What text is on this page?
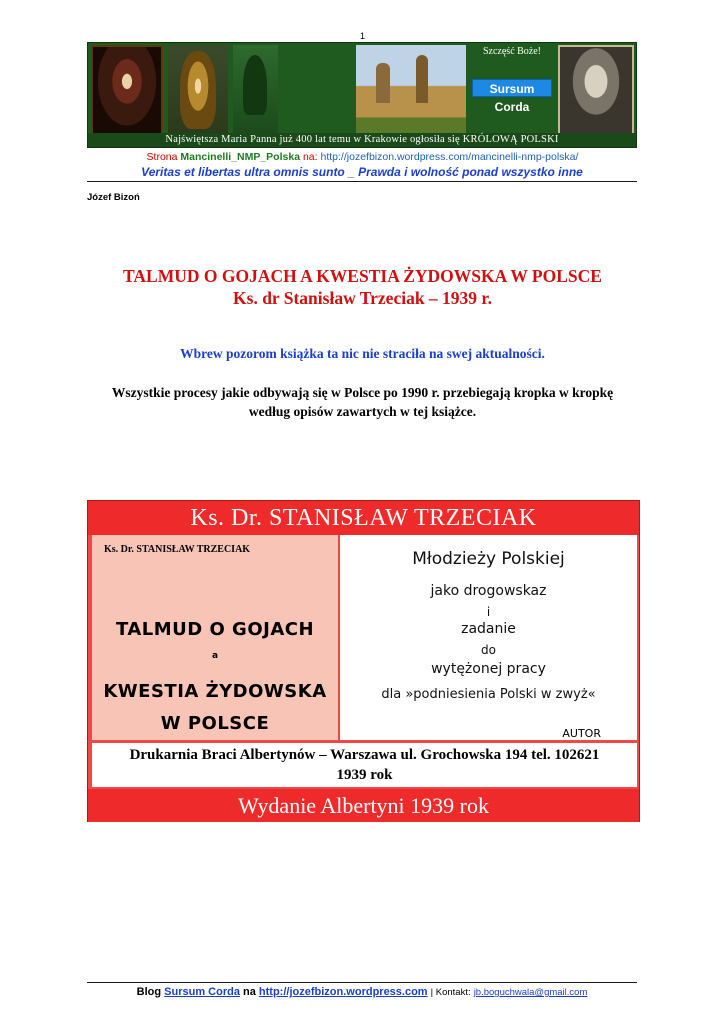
1
Szczęść Boże!
Sursum Corda
Najświętsza Maria Panna już 400 lat temu w Krakowie ogłosiła się KRÓLOWĄ POLSKI
Strona Mancinelli_NMP_Polska na: http://jozefbizon.wordpress.com/mancinelli-nmp-polska/
Veritas et libertas ultra omnis sunto _ Prawda i wolność ponad wszystko inne
Józef Bizoń
TALMUD O GOJACH A KWESTIA ŻYDOWSKA W POLSCE
Ks. dr Stanisław Trzeciak – 1939 r.
Wbrew pozorom książka ta nic nie straciła na swej aktualności.
Wszystkie procesy jakie odbywają się w Polsce po 1990 r. przebiegają kropka w kropkę według opisów zawartych w tej książce.
Ks. Dr. STANISŁAW TRZECIAK
Ks. Dr. STANISŁAW TRZECIAK
TALMUD O GOJACH
a
KWESTIA ŻYDOWSKA
W POLSCE
Młodzieży Polskiej
jako drogowskaz
i
zadanie
do
wytężonej pracy
dla »podniesienia Polski w zwyż«
AUTOR
Drukarnia Braci Albertynów – Warszawa ul. Grochowska 194 tel. 102621
1939 rok
Wydanie Albertyni 1939 rok
Blog Sursum Corda na http://jozefbizon.wordpress.com | Kontakt: jb.boguchwala@gmail.com
